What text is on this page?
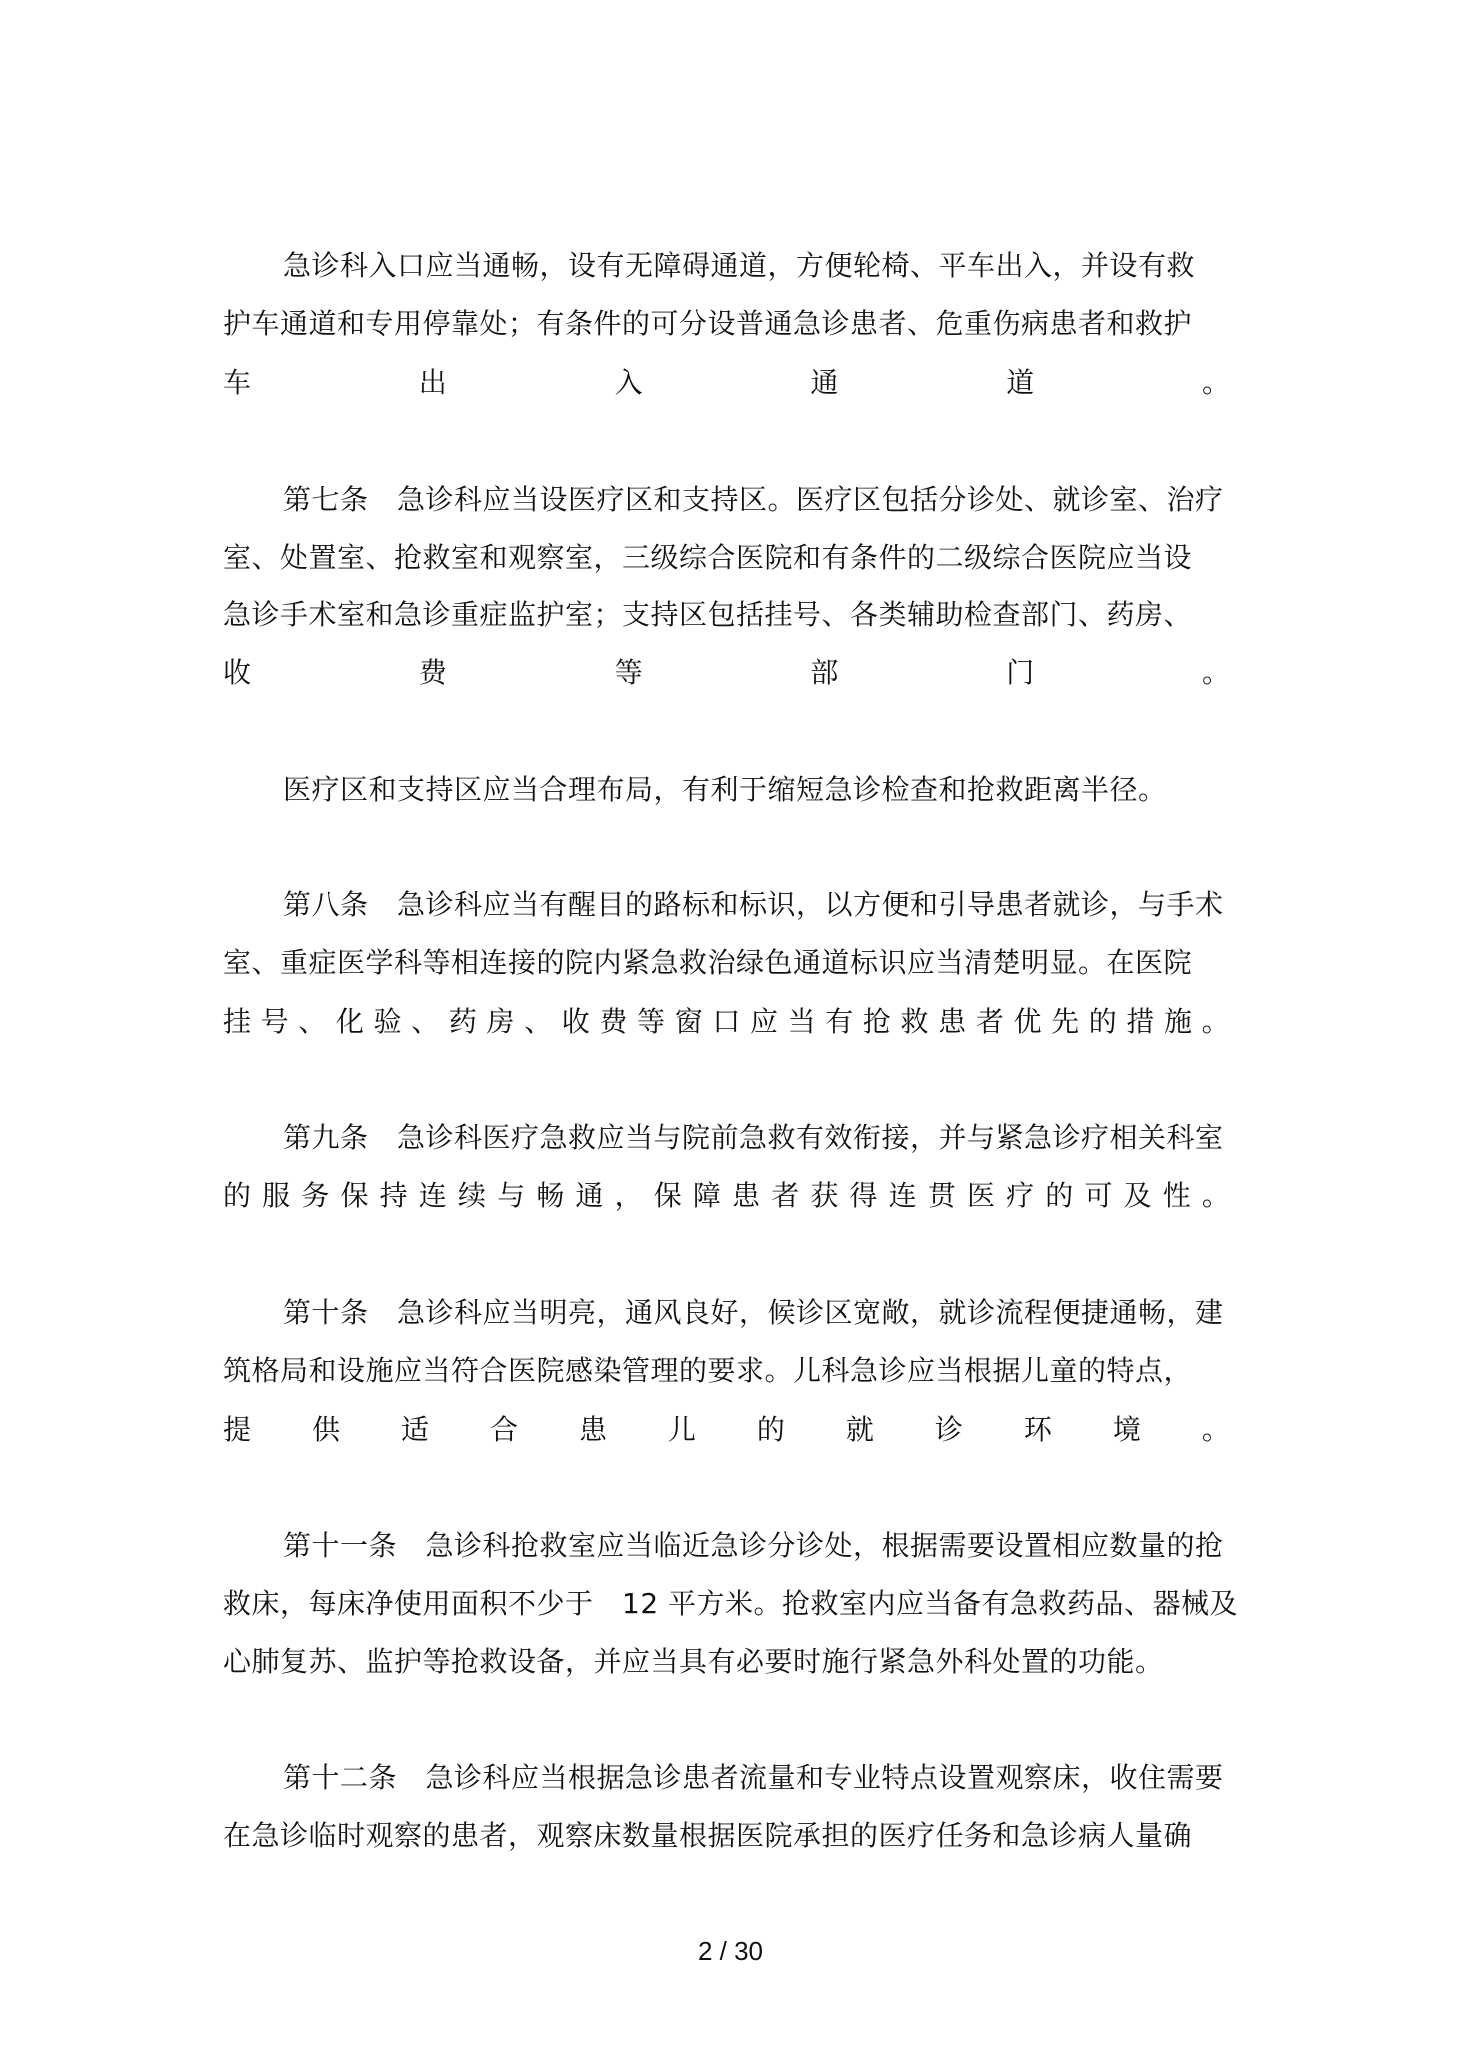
急诊科入口应当通畅，设有无障碍通道，方便轮椅、平车出入，并设有救
护车通道和专用停靠处；有条件的可分设普通急诊患者、危重伤病患者和救护
车	出	入	通	道	。
第七条　急诊科应当设医疗区和支持区。医疗区包括分诊处、就诊室、治疗
室、处置室、抢救室和观察室，三级综合医院和有条件的二级综合医院应当设
急诊手术室和急诊重症监护室；支持区包括挂号、各类辅助检查部门、药房、
收	费	等	部	门	。
医疗区和支持区应当合理布局，有利于缩短急诊检查和抢救距离半径。
第八条　急诊科应当有醒目的路标和标识，以方便和引导患者就诊，与手术
室、重症医学科等相连接的院内紧急救治绿色通道标识应当清楚明显。在医院
挂 号 、 化 验 、 药 房 、 收 费 等 窗 口 应 当 有 抢 救 患 者 优 先 的 措 施 。
第九条　急诊科医疗急救应当与院前急救有效衔接，并与紧急诊疗相关科室
的 服 务 保 持 连 续 与 畅 通 ， 保 障 患 者 获 得 连 贯 医 疗 的 可 及 性 。
第十条　急诊科应当明亮，通风良好，候诊区宽敞，就诊流程便捷通畅，建
筑格局和设施应当符合医院感染管理的要求。儿科急诊应当根据儿童的特点，
提 供 适 合 患 儿 的 就 诊 环 境 。
第十一条　急诊科抢救室应当临近急诊分诊处，根据需要设置相应数量的抢
救床，每床净使用面积不少于　12 平方米。抢救室内应当备有急救药品、器械及
心肺复苏、监护等抢救设备，并应当具有必要时施行紧急外科处置的功能。
第十二条　急诊科应当根据急诊患者流量和专业特点设置观察床，收住需要
在急诊临时观察的患者，观察床数量根据医院承担的医疗任务和急诊病人量确
2 / 30
